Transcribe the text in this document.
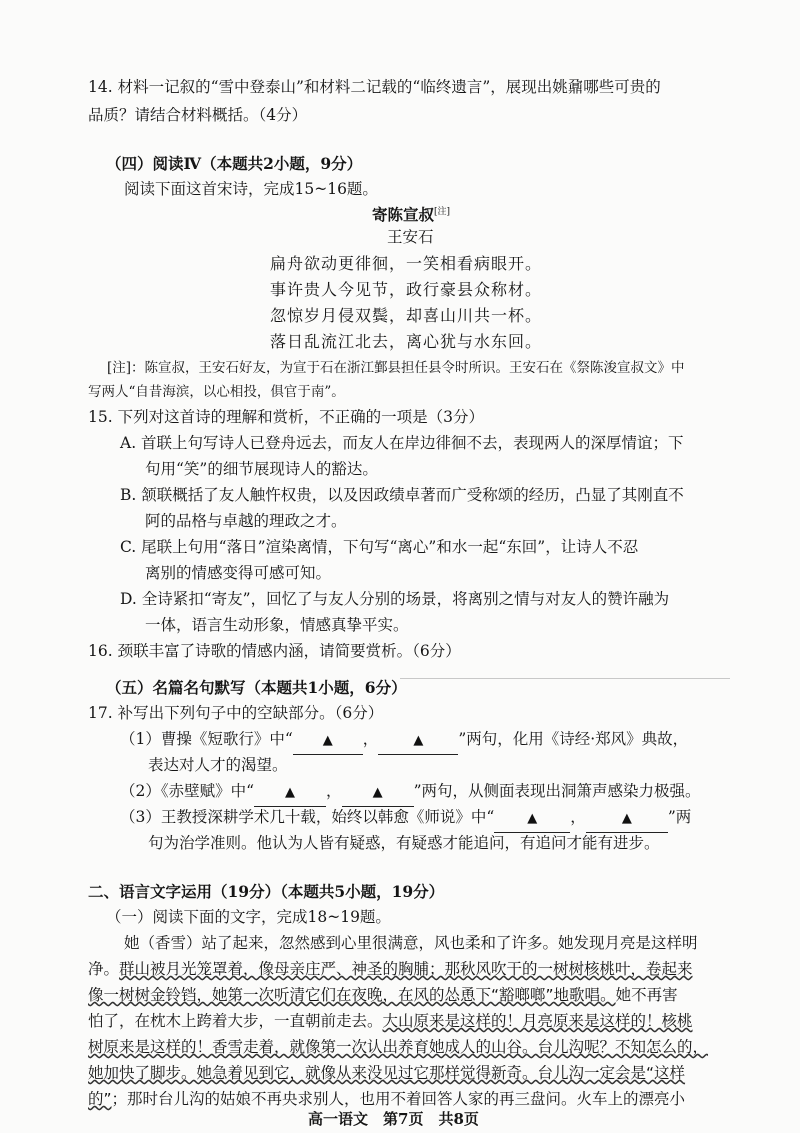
14. 材料一记叙的“雪中登泰山”和材料二记载的“临终遗言”，展现出姚鼐哪些可贵的
品质？请结合材料概括。（4分）
（四）阅读Ⅳ（本题共2小题，9分）
阅读下面这首宋诗，完成15~16题。
寄陈宣叔[注]
王安石
扁舟欲动更徘徊，一笑相看病眼开。
事许贵人今见节，政行豪县众称材。
忽惊岁月侵双鬓，却喜山川共一杯。
落日乱流江北去，离心犹与水东回。
[注]：陈宣叔，王安石好友，为宣于石在浙江鄞县担任县令时所识。王安石在《祭陈浚宣叔文》中
写两人“自昔海滨，以心相投，俱官于南”。
15. 下列对这首诗的理解和赏析，不正确的一项是（3分）
A. 首联上句写诗人已登舟远去，而友人在岸边徘徊不去，表现两人的深厚情谊；下
句用“笑”的细节展现诗人的豁达。
B. 颔联概括了友人触忤权贵，以及因政绩卓著而广受称颂的经历，凸显了其刚直不
阿的品格与卓越的理政之才。
C. 尾联上句用“落日”渲染离情，下句写“离心”和水一起“东回”，让诗人不忍
离别的情感变得可感可知。
D. 全诗紧扣“寄友”，回忆了与友人分别的场景，将离别之情与对友人的赞许融为
一体，语言生动形象，情感真挚平实。
16. 颈联丰富了诗歌的情感内涵，请简要赏析。（6分）
（五）名篇名句默写（本题共1小题，6分）
17. 补写出下列句子中的空缺部分。（6分）
（1）曹操《短歌行》中“ ▲ ，	▲ ”两句，化用《诗经·郑风》典故，
表达对人才的渴望。
（2）《赤壁赋》中“ ▲ ， ▲ ”两句，从侧面表现出洞箫声感染力极强。
（3）王教授深耕学术几十载，始终以韩愈《师说》中“	▲ ，	▲ ”两
句为治学准则。他认为人皆有疑惑，有疑惑才能追问，有追问才能有进步。
二、语言文字运用（19分）（本题共5小题，19分）
（一）阅读下面的文字，完成18~19题。
她（香雪）站了起来，忽然感到心里很满意，风也柔和了许多。她发现月亮是这样明
净。群山被月光笼罩着，像母亲庄严、神圣的胸脯；那秋风吹干的一树树核桃叶，卷起来
像一树树金铃铛，她第一次听清它们在夜晚，在风的怂恿下“豁啷啷”地歌唱。她不再害
怕了，在枕木上跨着大步，一直朝前走去。大山原来是这样的！月亮原来是这样的！核桃
树原来是这样的！香雪走着，就像第一次认出养育她成人的山谷。台儿沟呢？不知怎么的，
她加快了脚步。她急着见到它，就像从来没见过它那样觉得新奇。台儿沟一定会是“这样
的”；那时台儿沟的姑娘不再央求别人，也用不着回答人家的再三盘问。火车上的漂亮小
高一语文　第7页　共8页
